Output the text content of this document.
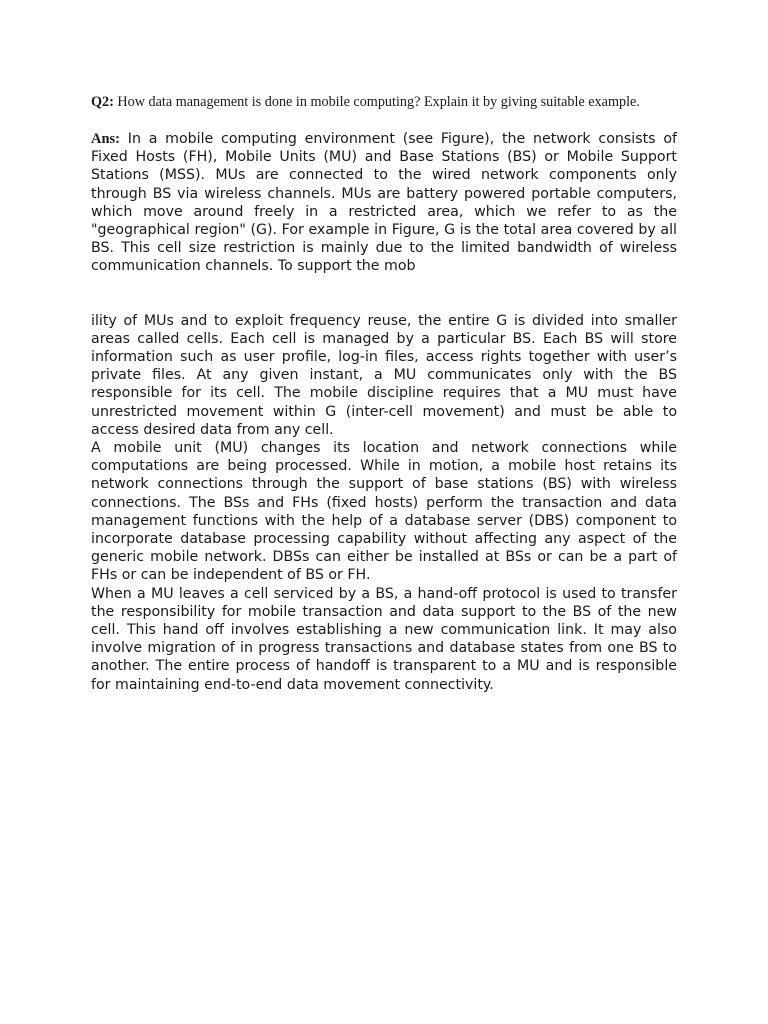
Q2: How data management is done in mobile computing? Explain it by giving suitable example.

Ans: In a mobile computing environment (see Figure), the network consists of Fixed Hosts (FH), Mobile Units (MU) and Base Stations (BS) or Mobile Support Stations (MSS). MUs are connected to the wired network components only through BS via wireless channels. MUs are battery powered portable computers, which move around freely in a restricted area, which we refer to as the "geographical region" (G). For example in Figure, G is the total area covered by all BS. This cell size restriction is mainly due to the limited bandwidth of wireless communication channels. To support the mob

ility of MUs and to exploit frequency reuse, the entire G is divided into smaller areas called cells. Each cell is managed by a particular BS. Each BS will store information such as user profile, log-in files, access rights together with user’s private files. At any given instant, a MU communicates only with the BS responsible for its cell. The mobile discipline requires that a MU must have unrestricted movement within G (inter-cell movement) and must be able to access desired data from any cell.

A mobile unit (MU) changes its location and network connections while computations are being processed. While in motion, a mobile host retains its network connections through the support of base stations (BS) with wireless connections. The BSs and FHs (fixed hosts) perform the transaction and data management functions with the help of a database server (DBS) component to incorporate database processing capability without affecting any aspect of the generic mobile network. DBSs can either be installed at BSs or can be a part of FHs or can be independent of BS or FH.

When a MU leaves a cell serviced by a BS, a hand-off protocol is used to transfer the responsibility for mobile transaction and data support to the BS of the new cell. This hand off involves establishing a new communication link. It may also involve migration of in progress transactions and database states from one BS to another. The entire process of handoff is transparent to a MU and is responsible for maintaining end-to-end data movement connectivity.
